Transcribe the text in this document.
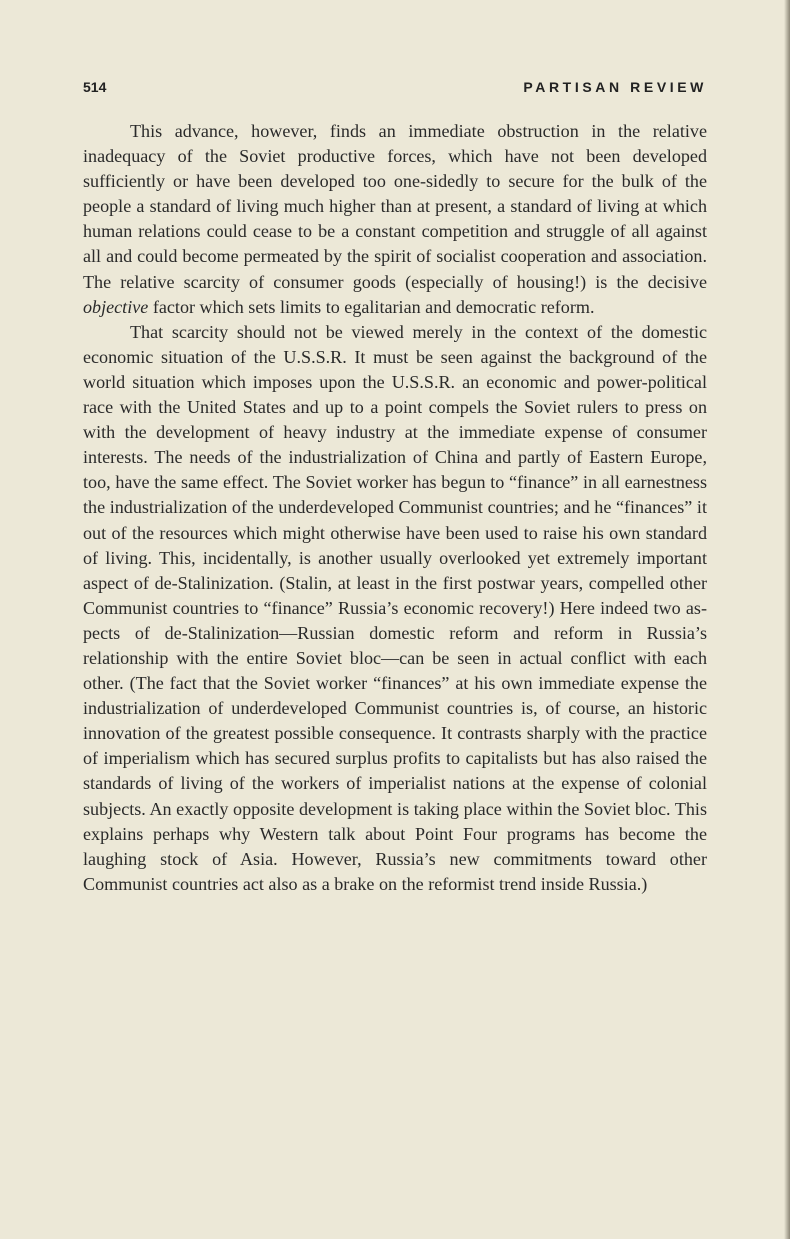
514	PARTISAN REVIEW

This advance, however, finds an immediate obstruction in the relative inadequacy of the Soviet productive forces, which have not been developed sufficiently or have been developed too one-sidedly to secure for the bulk of the people a standard of living much higher than at present, a standard of living at which human relations could cease to be a constant competition and struggle of all against all and could become permeated by the spirit of socialist cooperation and association. The relative scarcity of consumer goods (especially of housing!) is the decisive objective factor which sets limits to egalitarian and democratic reform.

That scarcity should not be viewed merely in the context of the domestic economic situation of the U.S.S.R. It must be seen against the background of the world situation which imposes upon the U.S.S.R. an economic and power-political race with the United States and up to a point compels the Soviet rulers to press on with the development of heavy industry at the immediate expense of consumer interests. The needs of the industrialization of China and partly of Eastern Europe, too, have the same effect. The Soviet worker has begun to “finance” in all earnestness the industrialization of the underdeveloped Communist countries; and he “finances” it out of the resources which might otherwise have been used to raise his own standard of living. This, incidentally, is another usually overlooked yet extremely important aspect of de-Stalinization. (Stalin, at least in the first postwar years, compelled other Communist countries to “finance” Russia’s economic recovery!) Here indeed two aspects of de-Stalinization—Russian domestic reform and reform in Russia’s relationship with the entire Soviet bloc—can be seen in actual conflict with each other. (The fact that the Soviet worker “finances” at his own immediate expense the industrialization of underdeveloped Communist countries is, of course, an historic innovation of the greatest possible consequence. It contrasts sharply with the practice of imperialism which has secured surplus profits to capitalists but has also raised the standards of living of the workers of imperialist nations at the expense of colonial subjects. An exactly opposite development is taking place within the Soviet bloc. This explains perhaps why Western talk about Point Four programs has become the laughing stock of Asia. However, Russia’s new commitments toward other Communist countries act also as a brake on the reformist trend inside Russia.)
